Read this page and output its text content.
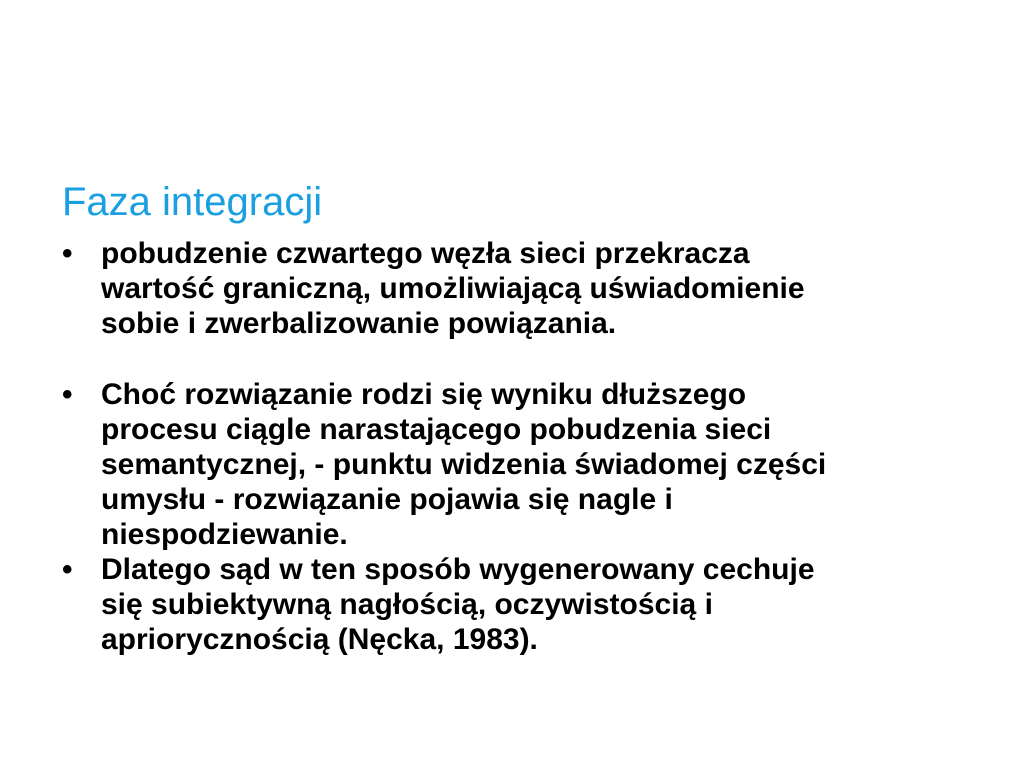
Faza integracji
• pobudzenie czwartego węzła sieci przekracza
wartość graniczną, umożliwiającą uświadomienie
sobie i zwerbalizowanie powiązania.
• Choć rozwiązanie rodzi się wyniku dłuższego
procesu ciągle narastającego pobudzenia sieci
semantycznej, - punktu widzenia świadomej części
umysłu - rozwiązanie pojawia się nagle i
niespodziewanie.
• Dlatego sąd w ten sposób wygenerowany cechuje
się subiektywną nagłością, oczywistością i
apriorycznością (Nęcka, 1983).
